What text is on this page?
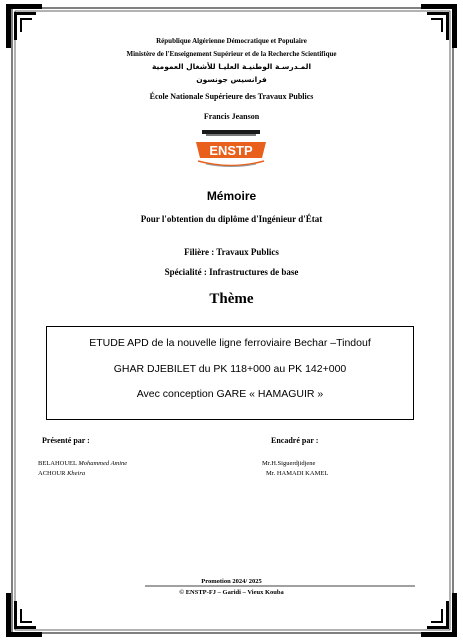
République Algérienne Démocratique et Populaire
Ministère de l'Enseignement Supérieur et de la Recherche Scientifique
المـدرسـة الوطنيـة العليـا للأشغال العمومية
فرانسيس جونسون
École Nationale Supérieure des Travaux Publics
Francis Jeanson
ENSTP
Mémoire
Pour l'obtention du diplôme d'Ingénieur d'État
Filière : Travaux Publics
Spécialité : Infrastructures de base
Thème
ETUDE APD de la nouvelle ligne ferroviaire Bechar –Tindouf
GHAR DJEBILET du PK 118+000 au PK 142+000
Avec conception GARE « HAMAGUIR »
Présenté par :	Encadré par :
BELAHOUEL Mohammed Amine
ACHOUR Kheira
Mr.H.Siguerdjidjene
Mr. HAMADI KAMEL
Promotion 2024/ 2025
© ENSTP-FJ – Garidi – Vieux Kouba
